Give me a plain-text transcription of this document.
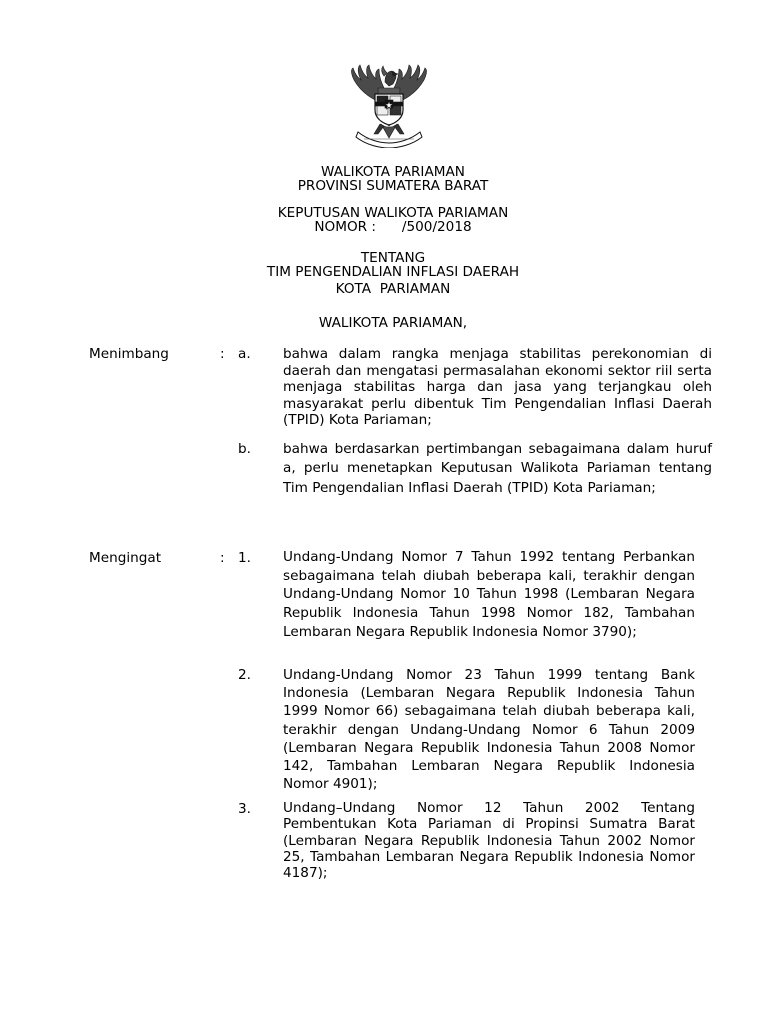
WALIKOTA PARIAMAN
PROVINSI SUMATERA BARAT
KEPUTUSAN WALIKOTA PARIAMAN
NOMOR :      /500/2018
TENTANG
TIM PENGENDALIAN INFLASI DAERAH
KOTA  PARIAMAN
WALIKOTA PARIAMAN,
Menimbang	: a. bahwa dalam rangka menjaga stabilitas perekonomian di daerah dan mengatasi permasalahan ekonomi sektor riil serta menjaga stabilitas harga dan jasa yang terjangkau oleh masyarakat perlu dibentuk Tim Pengendalian Inflasi Daerah (TPID) Kota Pariaman;
b. bahwa berdasarkan pertimbangan sebagaimana dalam huruf a, perlu menetapkan Keputusan Walikota Pariaman tentang Tim Pengendalian Inflasi Daerah (TPID) Kota Pariaman;
Mengingat	: 1. Undang-Undang Nomor 7 Tahun 1992 tentang Perbankan sebagaimana telah diubah beberapa kali, terakhir dengan Undang-Undang Nomor 10 Tahun 1998 (Lembaran Negara Republik Indonesia Tahun 1998 Nomor 182, Tambahan Lembaran Negara Republik Indonesia Nomor 3790);
2. Undang-Undang Nomor 23 Tahun 1999 tentang Bank Indonesia (Lembaran Negara Republik Indonesia Tahun 1999 Nomor 66) sebagaimana telah diubah beberapa kali, terakhir dengan Undang-Undang Nomor 6 Tahun 2009 (Lembaran Negara Republik Indonesia Tahun 2008 Nomor 142, Tambahan Lembaran Negara Republik Indonesia Nomor 4901);
3. Undang–Undang Nomor 12 Tahun 2002 Tentang Pembentukan Kota Pariaman di Propinsi Sumatra Barat (Lembaran Negara Republik Indonesia Tahun 2002 Nomor 25, Tambahan Lembaran Negara Republik Indonesia Nomor 4187);
